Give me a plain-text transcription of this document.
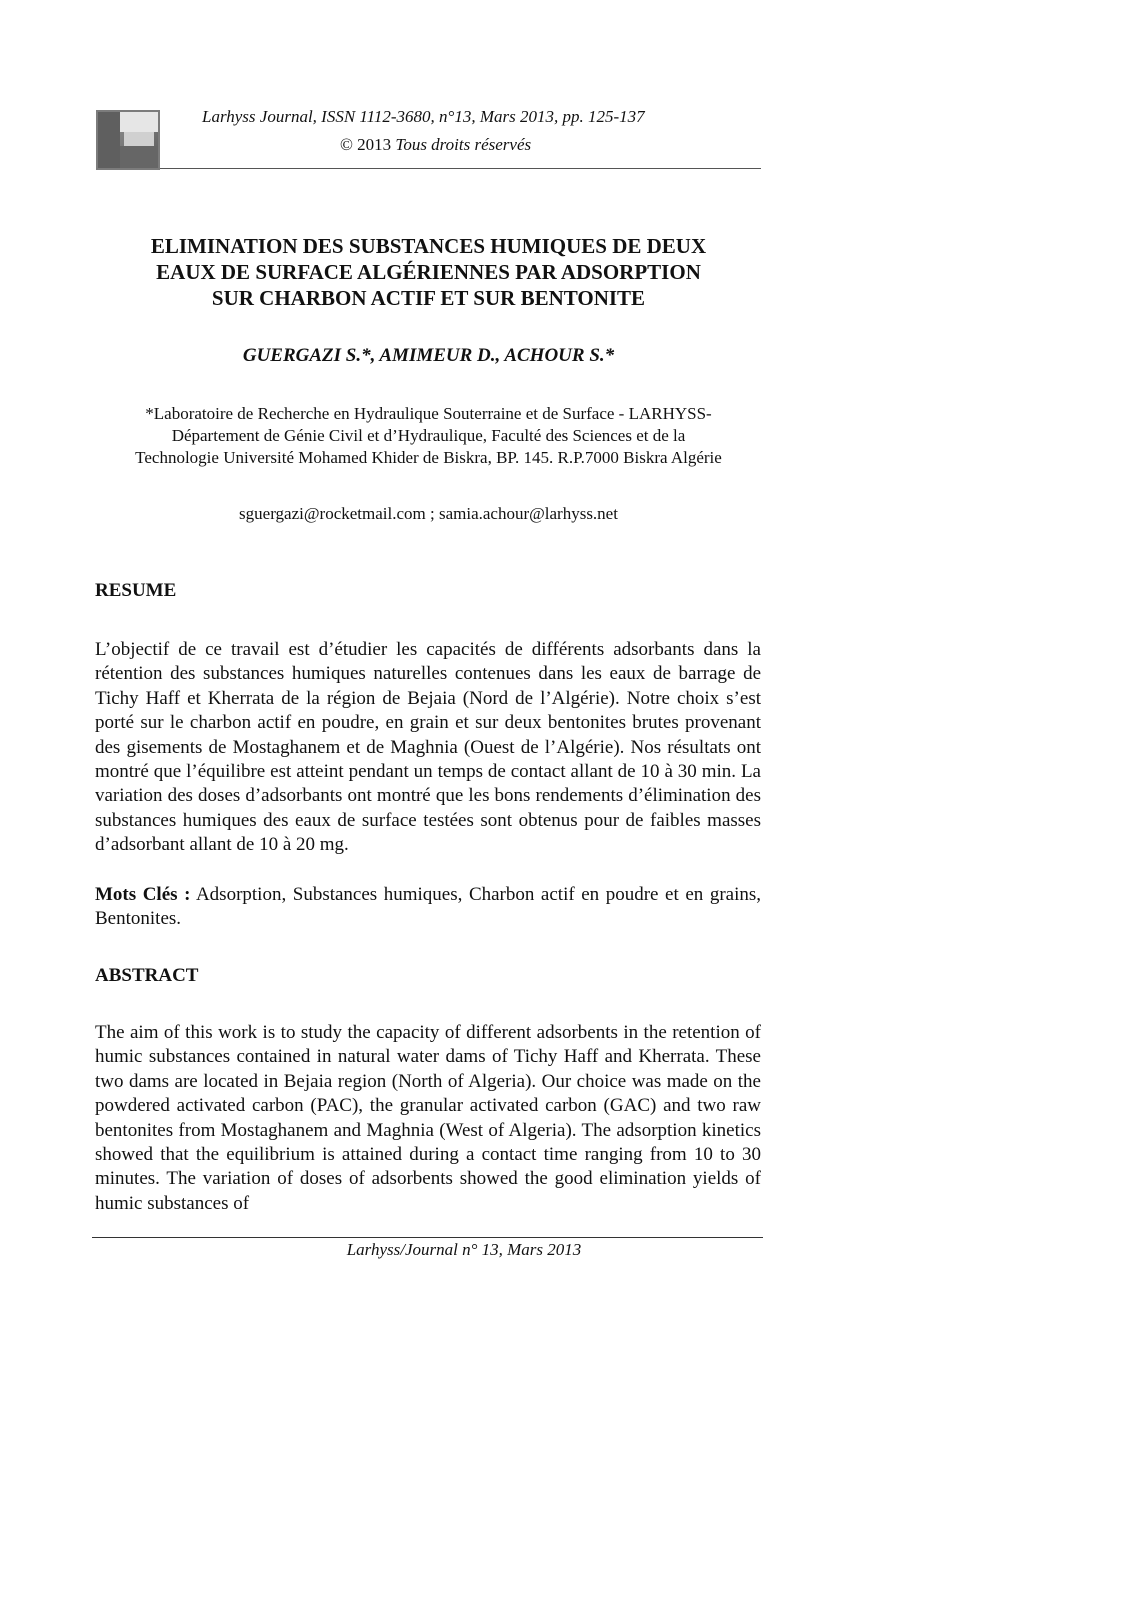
Larhyss Journal, ISSN 1112-3680, n°13, Mars 2013, pp. 125-137
© 2013 Tous droits réservés
ELIMINATION DES SUBSTANCES HUMIQUES DE DEUX
EAUX DE SURFACE ALGÉRIENNES PAR ADSORPTION
SUR CHARBON ACTIF ET SUR BENTONITE
GUERGAZI S.*, AMIMEUR D., ACHOUR S.*
*Laboratoire de Recherche en Hydraulique Souterraine et de Surface - LARHYSS-
Département de Génie Civil et d’Hydraulique, Faculté des Sciences et de la
Technologie Université Mohamed Khider de Biskra, BP. 145. R.P.7000 Biskra Algérie
sguergazi@rocketmail.com ; samia.achour@larhyss.net
RESUME

L’objectif de ce travail est d’étudier les capacités de différents adsorbants dans la rétention des substances humiques naturelles contenues dans les eaux de barrage de Tichy Haff et Kherrata de la région de Bejaia (Nord de l’Algérie). Notre choix s’est porté sur le charbon actif en poudre, en grain et sur deux bentonites brutes provenant des gisements de Mostaghanem et de Maghnia (Ouest de l’Algérie). Nos résultats ont montré que l’équilibre est atteint pendant un temps de contact allant de 10 à 30 min. La variation des doses d’adsorbants ont montré que les bons rendements d’élimination des substances humiques des eaux de surface testées sont obtenus pour de faibles masses d’adsorbant allant de 10 à 20 mg.

Mots Clés : Adsorption, Substances humiques, Charbon actif en poudre et en grains, Bentonites.

ABSTRACT

The aim of this work is to study the capacity of different adsorbents in the retention of humic substances contained in natural water dams of Tichy Haff and Kherrata. These two dams are located in Bejaia region (North of Algeria). Our choice was made on the powdered activated carbon (PAC), the granular activated carbon (GAC) and two raw bentonites from Mostaghanem and Maghnia (West of Algeria). The adsorption kinetics showed that the equilibrium is attained during a contact time ranging from 10 to 30 minutes. The variation of doses of adsorbents showed the good elimination yields of humic substances of

Larhyss/Journal n° 13, Mars 2013
